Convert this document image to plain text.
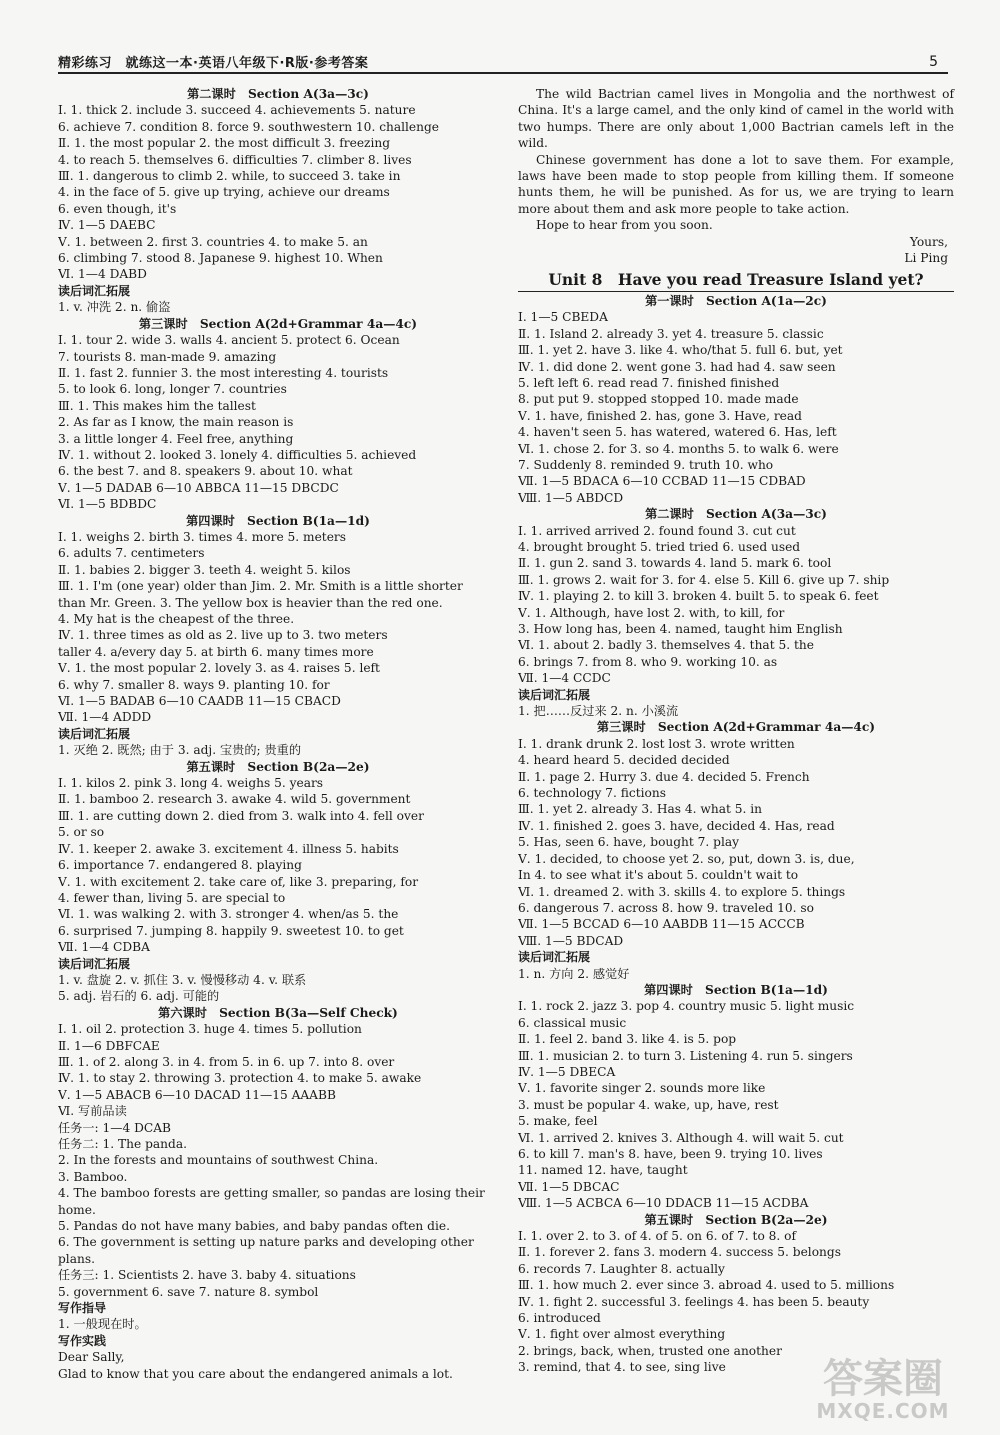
精彩练习　就练这一本·英语八年级下·R版·参考答案	5
第二课时　Section A(3a—3c)
Ⅰ. 1. thick 2. include 3. succeed 4. achievements 5. nature
6. achieve 7. condition 8. force 9. southwestern 10. challenge
Ⅱ. 1. the most popular 2. the most difficult 3. freezing
4. to reach 5. themselves 6. difficulties 7. climber 8. lives
Ⅲ. 1. dangerous to climb 2. while, to succeed 3. take in
4. in the face of 5. give up trying, achieve our dreams
6. even though, it's
Ⅳ. 1—5 DAEBC
Ⅴ. 1. between 2. first 3. countries 4. to make 5. an
6. climbing 7. stood 8. Japanese 9. highest 10. When
Ⅵ. 1—4 DABD
读后词汇拓展
1. v. 冲洗 2. n. 偷盗
第三课时　Section A(2d+Grammar 4a—4c)
Ⅰ. 1. tour 2. wide 3. walls 4. ancient 5. protect 6. Ocean
7. tourists 8. man-made 9. amazing
Ⅱ. 1. fast 2. funnier 3. the most interesting 4. tourists
5. to look 6. long, longer 7. countries
Ⅲ. 1. This makes him the tallest
2. As far as I know, the main reason is
3. a little longer 4. Feel free, anything
Ⅳ. 1. without 2. looked 3. lonely 4. difficulties 5. achieved
6. the best 7. and 8. speakers 9. about 10. what
Ⅴ. 1—5 DADAB 6—10 ABBCA 11—15 DBCDC
Ⅵ. 1—5 BDBDC
第四课时　Section B(1a—1d)
Ⅰ. 1. weighs 2. birth 3. times 4. more 5. meters
6. adults 7. centimeters
Ⅱ. 1. babies 2. bigger 3. teeth 4. weight 5. kilos
Ⅲ. 1. I'm (one year) older than Jim. 2. Mr. Smith is a little shorter
than Mr. Green. 3. The yellow box is heavier than the red one.
4. My hat is the cheapest of the three.
Ⅳ. 1. three times as old as 2. live up to 3. two meters
taller 4. a/every day 5. at birth 6. many times more
Ⅴ. 1. the most popular 2. lovely 3. as 4. raises 5. left
6. why 7. smaller 8. ways 9. planting 10. for
Ⅵ. 1—5 BADAB 6—10 CAADB 11—15 CBACD
Ⅶ. 1—4 ADDD
读后词汇拓展
1. 灭绝 2. 既然; 由于 3. adj. 宝贵的; 贵重的
第五课时　Section B(2a—2e)
Ⅰ. 1. kilos 2. pink 3. long 4. weighs 5. years
Ⅱ. 1. bamboo 2. research 3. awake 4. wild 5. government
Ⅲ. 1. are cutting down 2. died from 3. walk into 4. fell over
5. or so
Ⅳ. 1. keeper 2. awake 3. excitement 4. illness 5. habits
6. importance 7. endangered 8. playing
Ⅴ. 1. with excitement 2. take care of, like 3. preparing, for
4. fewer than, living 5. are special to
Ⅵ. 1. was walking 2. with 3. stronger 4. when/as 5. the
6. surprised 7. jumping 8. happily 9. sweetest 10. to get
Ⅶ. 1—4 CDBA
读后词汇拓展
1. v. 盘旋 2. v. 抓住 3. v. 慢慢移动 4. v. 联系
5. adj. 岩石的 6. adj. 可能的
第六课时　Section B(3a—Self Check)
Ⅰ. 1. oil 2. protection 3. huge 4. times 5. pollution
Ⅱ. 1—6 DBFCAE
Ⅲ. 1. of 2. along 3. in 4. from 5. in 6. up 7. into 8. over
Ⅳ. 1. to stay 2. throwing 3. protection 4. to make 5. awake
Ⅴ. 1—5 ABACB 6—10 DACAD 11—15 AAABB
Ⅵ. 写前品读
任务一: 1—4 DCAB
任务二: 1. The panda.
2. In the forests and mountains of southwest China.
3. Bamboo.
4. The bamboo forests are getting smaller, so pandas are losing their
home.
5. Pandas do not have many babies, and baby pandas often die.
6. The government is setting up nature parks and developing other
plans.
任务三: 1. Scientists 2. have 3. baby 4. situations
5. government 6. save 7. nature 8. symbol
写作指导
1. 一般现在时。
写作实践
Dear Sally,
Glad to know that you care about the endangered animals a lot.
The wild Bactrian camel lives in Mongolia and the northwest of China. It's a large camel, and the only kind of camel in the world with two humps. There are only about 1,000 Bactrian camels left in the wild.
Chinese government has done a lot to save them. For example, laws have been made to stop people from killing them. If someone hunts them, he will be punished. As for us, we are trying to learn more about them and ask more people to take action.
Hope to hear from you soon.
Yours,
Li Ping
Unit 8　Have you read Treasure Island yet?
第一课时　Section A(1a—2c)
Ⅰ. 1—5 CBEDA
Ⅱ. 1. Island 2. already 3. yet 4. treasure 5. classic
Ⅲ. 1. yet 2. have 3. like 4. who/that 5. full 6. but, yet
Ⅳ. 1. did done 2. went gone 3. had had 4. saw seen
5. left left 6. read read 7. finished finished
8. put put 9. stopped stopped 10. made made
Ⅴ. 1. have, finished 2. has, gone 3. Have, read
4. haven't seen 5. has watered, watered 6. Has, left
Ⅵ. 1. chose 2. for 3. so 4. months 5. to walk 6. were
7. Suddenly 8. reminded 9. truth 10. who
Ⅶ. 1—5 BDACA 6—10 CCBAD 11—15 CDBAD
Ⅷ. 1—5 ABDCD
第二课时　Section A(3a—3c)
Ⅰ. 1. arrived arrived 2. found found 3. cut cut
4. brought brought 5. tried tried 6. used used
Ⅱ. 1. gun 2. sand 3. towards 4. land 5. mark 6. tool
Ⅲ. 1. grows 2. wait for 3. for 4. else 5. Kill 6. give up 7. ship
Ⅳ. 1. playing 2. to kill 3. broken 4. built 5. to speak 6. feet
Ⅴ. 1. Although, have lost 2. with, to kill, for
3. How long has, been 4. named, taught him English
Ⅵ. 1. about 2. badly 3. themselves 4. that 5. the
6. brings 7. from 8. who 9. working 10. as
Ⅶ. 1—4 CCDC
读后词汇拓展
1. 把……反过来 2. n. 小溪流
第三课时　Section A(2d+Grammar 4a—4c)
Ⅰ. 1. drank drunk 2. lost lost 3. wrote written
4. heard heard 5. decided decided
Ⅱ. 1. page 2. Hurry 3. due 4. decided 5. French
6. technology 7. fictions
Ⅲ. 1. yet 2. already 3. Has 4. what 5. in
Ⅳ. 1. finished 2. goes 3. have, decided 4. Has, read
5. Has, seen 6. have, bought 7. play
Ⅴ. 1. decided, to choose yet 2. so, put, down 3. is, due,
In 4. to see what it's about 5. couldn't wait to
Ⅵ. 1. dreamed 2. with 3. skills 4. to explore 5. things
6. dangerous 7. across 8. how 9. traveled 10. so
Ⅶ. 1—5 BCCAD 6—10 AABDB 11—15 ACCCB
Ⅷ. 1—5 BDCAD
读后词汇拓展
1. n. 方向 2. 感觉好
第四课时　Section B(1a—1d)
Ⅰ. 1. rock 2. jazz 3. pop 4. country music 5. light music
6. classical music
Ⅱ. 1. feel 2. band 3. like 4. is 5. pop
Ⅲ. 1. musician 2. to turn 3. Listening 4. run 5. singers
Ⅳ. 1—5 DBECA
Ⅴ. 1. favorite singer 2. sounds more like
3. must be popular 4. wake, up, have, rest
5. make, feel
Ⅵ. 1. arrived 2. knives 3. Although 4. will wait 5. cut
6. to kill 7. man's 8. have, been 9. trying 10. lives
11. named 12. have, taught
Ⅶ. 1—5 DBCAC
Ⅷ. 1—5 ACBCA 6—10 DDACB 11—15 ACDBA
第五课时　Section B(2a—2e)
Ⅰ. 1. over 2. to 3. of 4. of 5. on 6. of 7. to 8. of
Ⅱ. 1. forever 2. fans 3. modern 4. success 5. belongs
6. records 7. Laughter 8. actually
Ⅲ. 1. how much 2. ever since 3. abroad 4. used to 5. millions
Ⅳ. 1. fight 2. successful 3. feelings 4. has been 5. beauty
6. introduced
Ⅴ. 1. fight over almost everything
2. brings, back, when, trusted one another
3. remind, that 4. to see, sing live	答案圈
MXQE.COM
